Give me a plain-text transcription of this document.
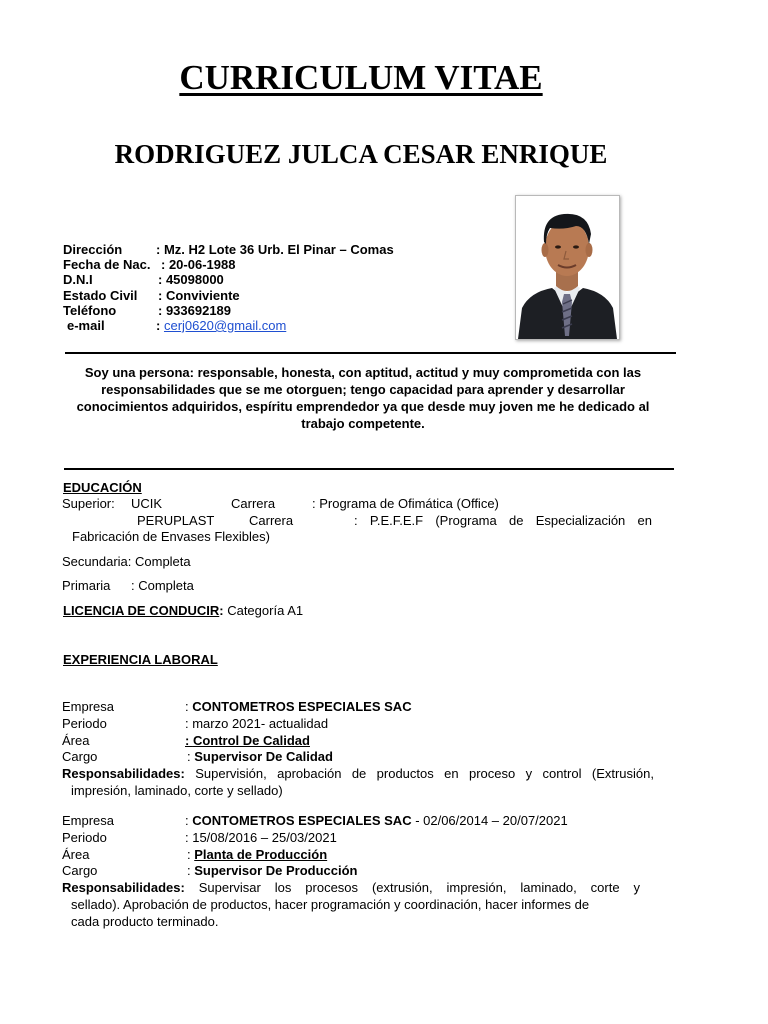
CURRICULUM VITAE
RODRIGUEZ JULCA CESAR ENRIQUE
Dirección	: Mz. H2 Lote 36 Urb. El Pinar – Comas
Fecha de Nac. : 20-06-1988
D.N.I	: 45098000
Estado Civil : Conviviente
Teléfono	: 933692189
e-mail	: cerj0620@gmail.com
Soy una persona: responsable, honesta, con aptitud, actitud y muy comprometida con las responsabilidades que se me otorguen; tengo capacidad para aprender y desarrollar conocimientos adquiridos, espíritu emprendedor ya que desde muy joven me he dedicado al trabajo competente.
EDUCACIÓN
Superior: UCIK	Carrera	: Programa de Ofimática (Office)
PERUPLAST	Carrera	: P.E.F.E.F (Programa de Especialización en
Fabricación de Envases Flexibles)
Secundaria: Completa
Primaria : Completa
LICENCIA DE CONDUCIR: Categoría A1
EXPERIENCIA LABORAL
Empresa	: CONTOMETROS ESPECIALES SAC
Periodo	: marzo 2021- actualidad
Área	: Control De Calidad
Cargo	: Supervisor De Calidad
Responsabilidades: Supervisión, aprobación de productos en proceso y control (Extrusión,
impresión, laminado, corte y sellado)
Empresa	: CONTOMETROS ESPECIALES SAC - 02/06/2014 – 20/07/2021
Periodo	: 15/08/2016 – 25/03/2021
Área	: Planta de Producción
Cargo	: Supervisor De Producción
Responsabilidades: Supervisar los procesos (extrusión, impresión, laminado, corte y
sellado). Aprobación de productos, hacer programación y coordinación, hacer informes de
cada producto terminado.
